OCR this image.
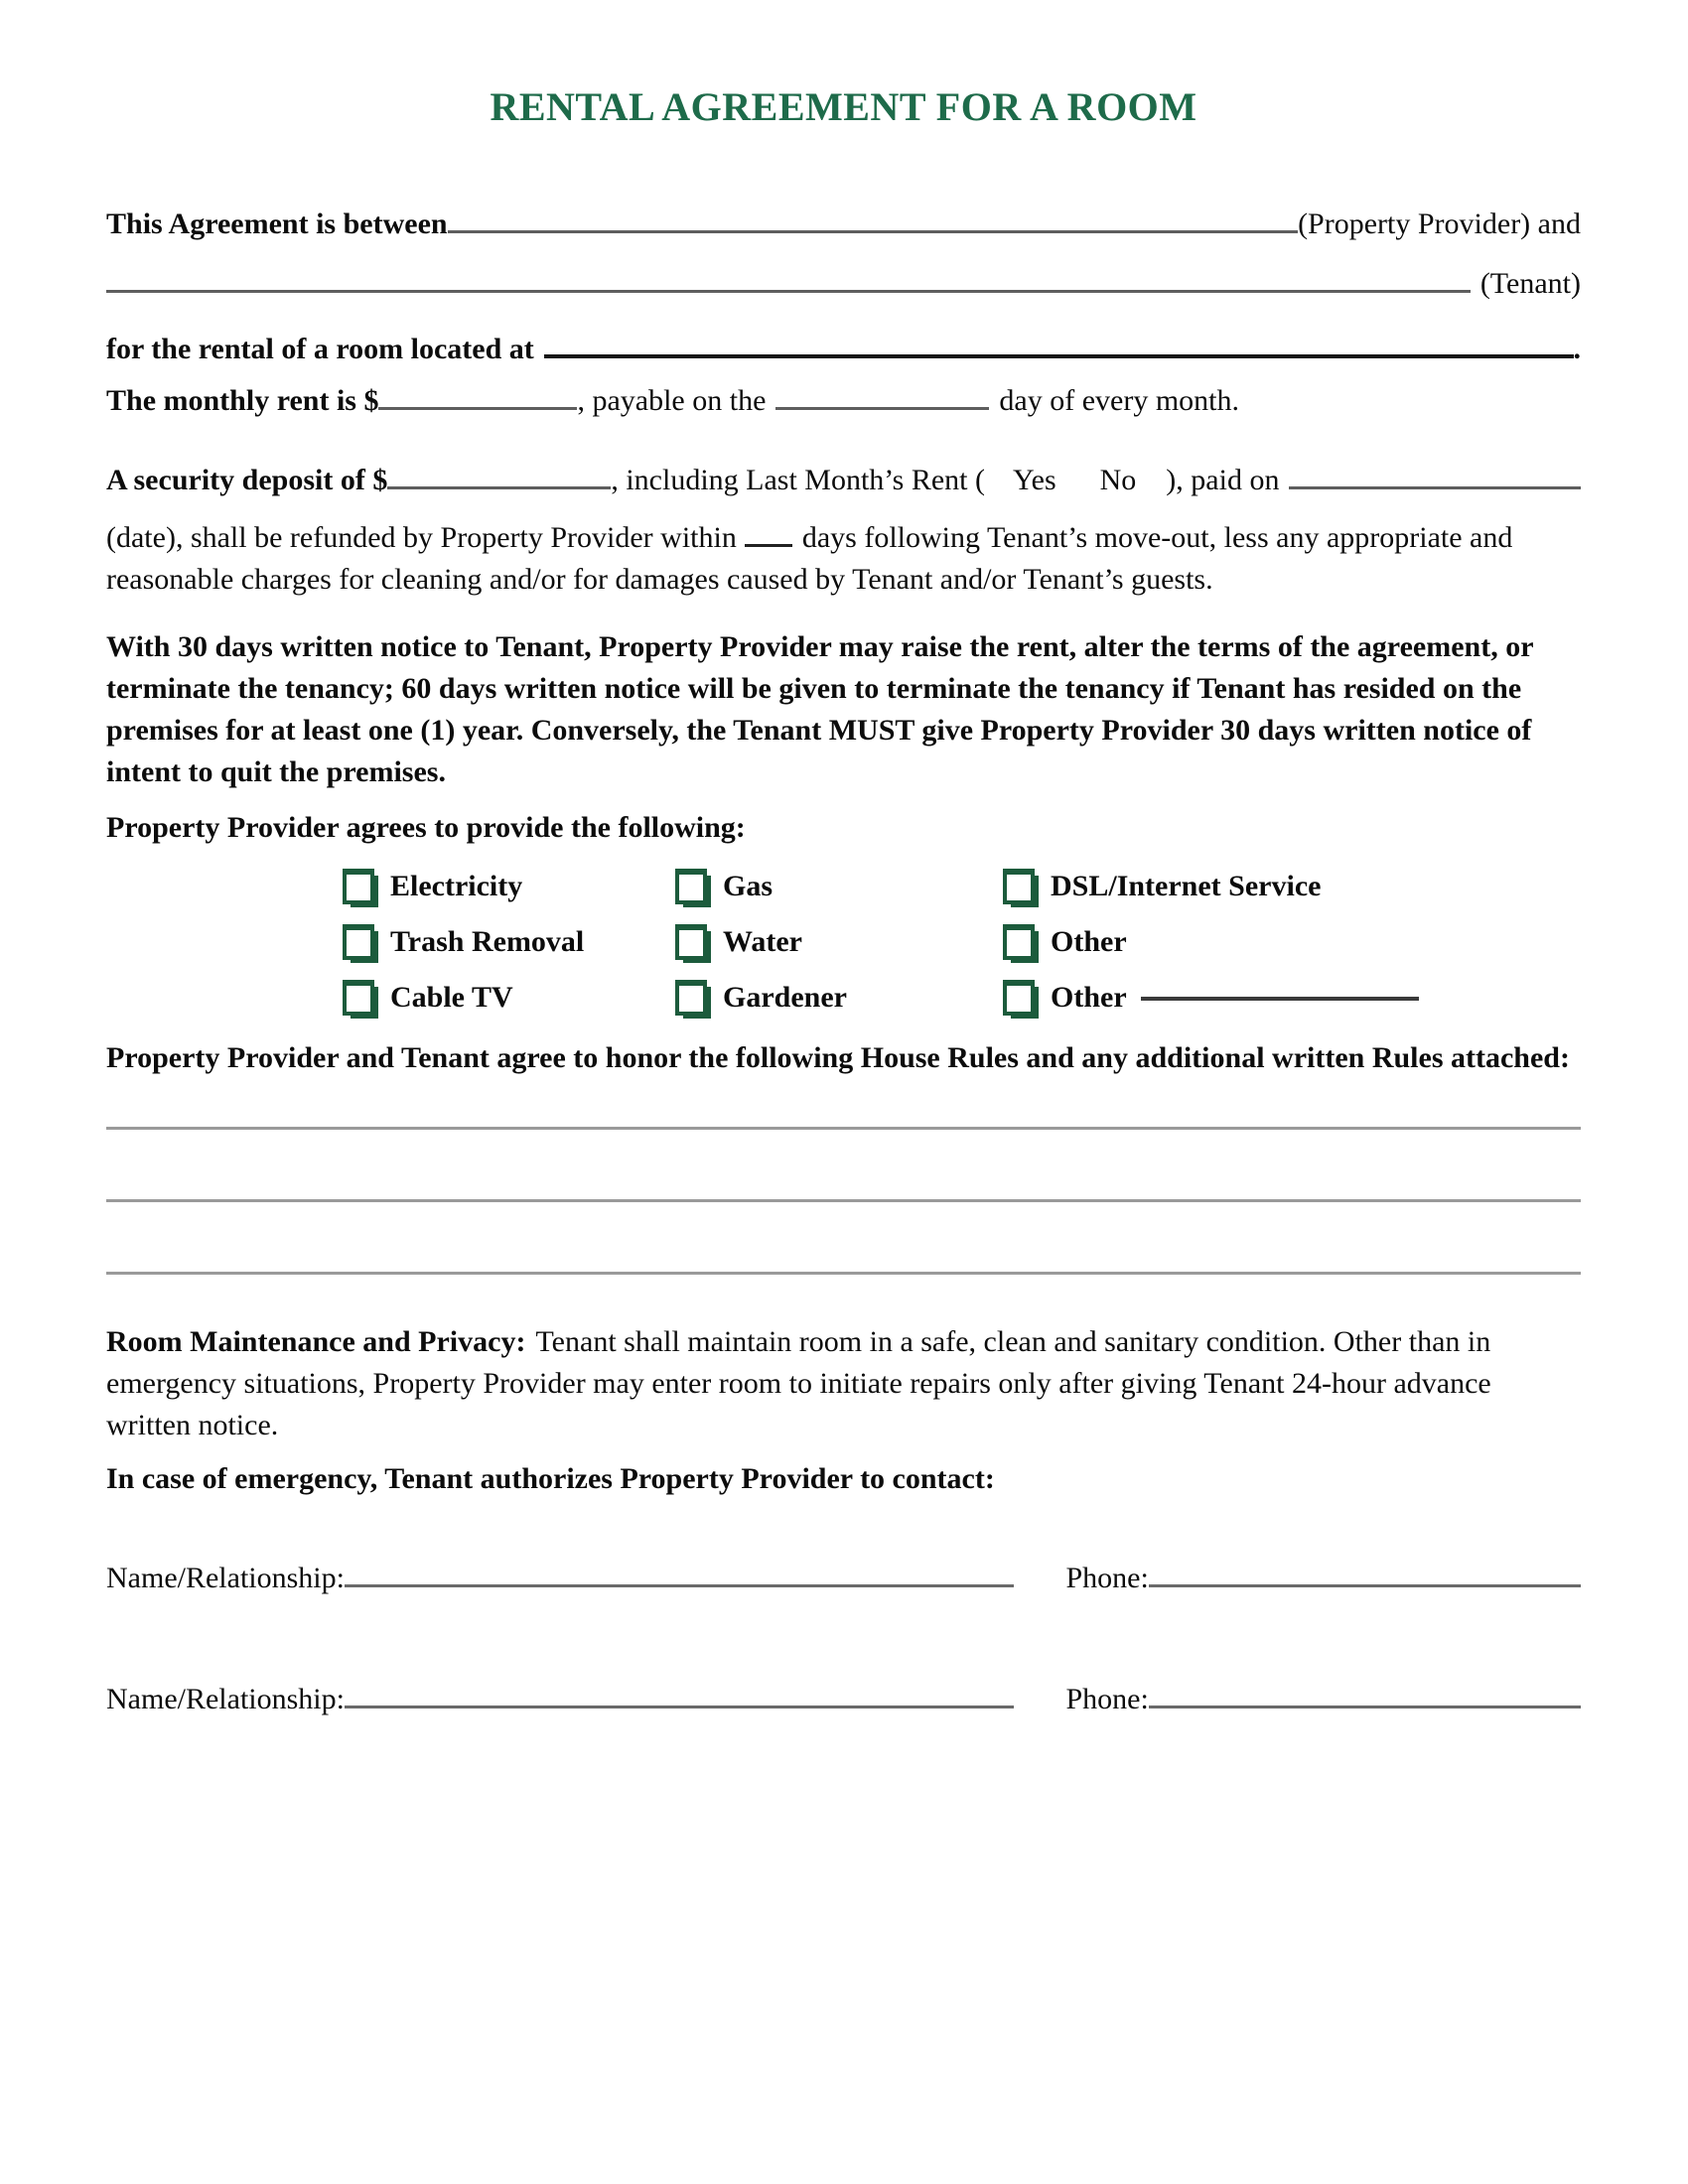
RENTAL AGREEMENT FOR A ROOM
This Agreement is between	(Property Provider) and
(Tenant)
for the rental of a room located at	.
The monthly rent is $	, payable on the	day of every month.
A security deposit of $	, including Last Month’s Rent ( Yes No ), paid on

(date), shall be refunded by Property Provider within days following Tenant’s move-out, less any appropriate and reasonable charges for cleaning and/or for damages caused by Tenant and/or Tenant’s guests.

With 30 days written notice to Tenant, Property Provider may raise the rent, alter the terms of the agreement, or terminate the tenancy; 60 days written notice will be given to terminate the tenancy if Tenant has resided on the premises for at least one (1) year. Conversely, the Tenant MUST give Property Provider 30 days written notice of intent to quit the premises.

Property Provider agrees to provide the following:

Electricity	Gas	DSL/Internet Service
Trash Removal	Water	Other
Cable TV	Gardener	Other

Property Provider and Tenant agree to honor the following House Rules and any additional written Rules attached:

Room Maintenance and Privacy: Tenant shall maintain room in a safe, clean and sanitary condition. Other than in emergency situations, Property Provider may enter room to initiate repairs only after giving Tenant 24-hour advance written notice.

In case of emergency, Tenant authorizes Property Provider to contact:

Name/Relationship:	Phone:
Name/Relationship:	Phone:
